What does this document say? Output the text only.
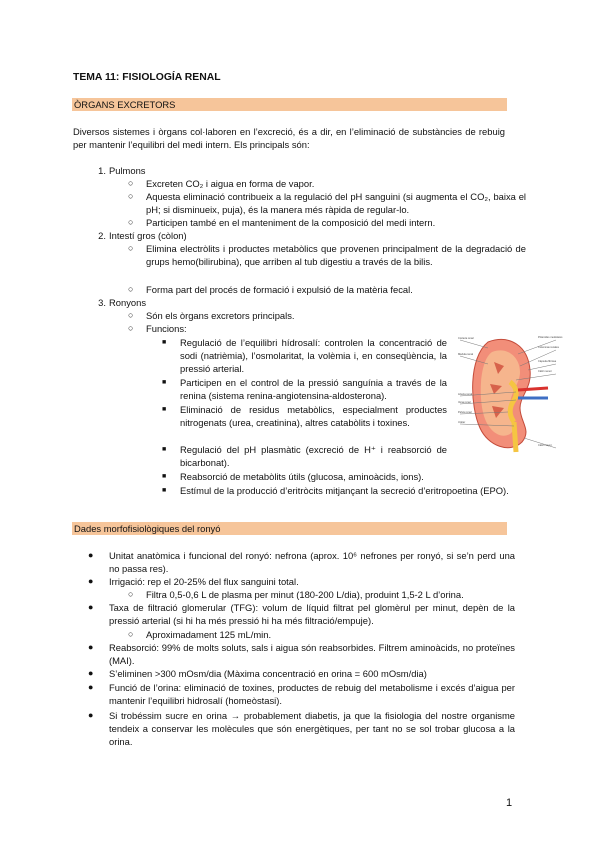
TEMA 11: FISIOLOGÍA RENAL
ÒRGANS EXCRETORS
Diversos sistemes i òrgans col·laboren en l’excreció, és a dir, en l’eliminació de substàncies de rebuig per mantenir l’equilibri del medi intern. Els principals són:
1. Pulmons
○ Excreten CO₂ i aigua en forma de vapor.
○ Aquesta eliminació contribueix a la regulació del pH sanguini (si augmenta el CO₂, baixa el pH; si disminueix, puja), és la manera més ràpida de regular-lo.
○ Participen també en el manteniment de la composició del medi intern.
2. Intestí gros (còlon)
○ Elimina electròlits i productes metabòlics que provenen principalment de la degradació de grups hemo(bilirubina), que arriben al tub digestiu a través de la bilis.
○ Forma part del procés de formació i expulsió de la matèria fecal.
3. Ronyons
○ Són els òrgans excretors principals.
○ Funcions:
■ Regulació de l’equilibri hídrosalí: controlen la concentració de sodi (natrièmia), l’osmolaritat, la volèmia i, en conseqüència, la pressió arterial.
■ Participen en el control de la pressió sanguínia a través de la renina (sistema renina-angiotensina-aldosterona).
■ Eliminació de residus metabòlics, especialment productes nitrogenats (urea, creatinina), altres catabòlits i toxines.
■ Regulació del pH plasmàtic (excreció de H⁺ i reabsorció de bicarbonat).
■ Reabsorció de metabòlits útils (glucosa, aminoàcids, ions).
■ Estímul de la producció d’eritròcits mitjançant la secreció d’eritropoetina (EPO).
Corteza renal
Médula renal
Arteria renal
Vena renal
Pelvis renal
Uréter
Pirámides medulares
Columnas renales
Cápsula fibrosa
Cáliz menor
Cáliz mayor
Dades morfofisiològiques del ronyó
● Unitat anatòmica i funcional del ronyó: nefrona (aprox. 10⁶ nefrones per ronyó, si se’n perd una no passa res).
● Irrigació: rep el 20-25% del flux sanguini total.
○ Filtra 0,5-0,6 L de plasma per minut (180-200 L/dia), produint 1,5-2 L d’orina.
● Taxa de filtració glomerular (TFG): volum de líquid filtrat pel glomèrul per minut, depèn de la pressió arterial (si hi ha més pressió hi ha més filtració/empuje).
○ Aproximadament 125 mL/min.
● Reabsorció: 99% de molts soluts, sals i aigua són reabsorbides. Filtrem aminoàcids, no proteïnes (MAI).
● S’eliminen >300 mOsm/dia (Màxima concentració en orina = 600 mOsm/dia)
● Funció de l’orina: eliminació de toxines, productes de rebuig del metabolisme i excés d’aigua per mantenir l’equilibri hidrosalí (homeòstasi).
● Si trobéssim sucre en orina → probablement diabetis, ja que la fisiologia del nostre organisme tendeix a conservar les molècules que són energètiques, per tant no se sol trobar glucosa a la orina.
1
